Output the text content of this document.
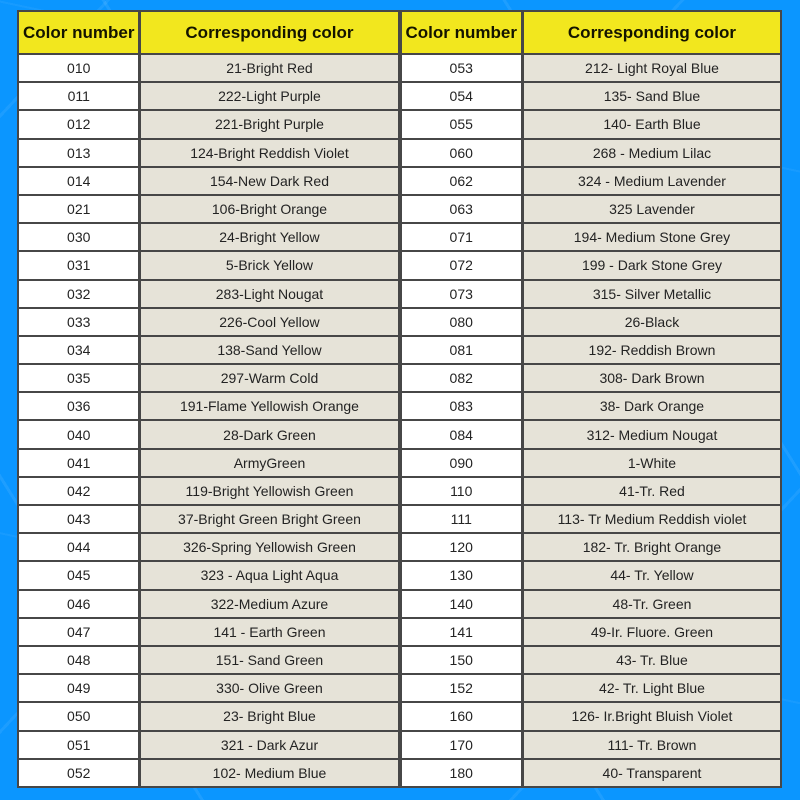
Color number	Corresponding color
010	21-Bright Red
011	222-Light Purple
012	221-Bright Purple
013	124-Bright Reddish Violet
014	154-New Dark Red
021	106-Bright Orange
030	24-Bright Yellow
031	5-Brick Yellow
032	283-Light Nougat
033	226-Cool Yellow
034	138-Sand Yellow
035	297-Warm Cold
036	191-Flame Yellowish Orange
040	28-Dark Green
041	ArmyGreen
042	119-Bright Yellowish Green
043	37-Bright Green Bright Green
044	326-Spring Yellowish Green
045	323 - Aqua Light Aqua
046	322-Medium Azure
047	141 - Earth Green
048	151- Sand Green
049	330- Olive Green
050	23- Bright Blue
051	321 - Dark Azur
052	102- Medium Blue
Color number	Corresponding color
053	212- Light Royal Blue
054	135- Sand Blue
055	140- Earth Blue
060	268 - Medium Lilac
062	324 - Medium Lavender
063	325 Lavender
071	194- Medium Stone Grey
072	199 - Dark Stone Grey
073	315- Silver Metallic
080	26-Black
081	192- Reddish Brown
082	308- Dark Brown
083	38- Dark Orange
084	312- Medium Nougat
090	1-White
110	41-Tr. Red
111	113- Tr Medium Reddish violet
120	182- Tr. Bright Orange
130	44- Tr. Yellow
140	48-Tr. Green
141	49-Ir. Fluore. Green
150	43- Tr. Blue
152	42- Tr. Light Blue
160	126- Ir.Bright Bluish Violet
170	111- Tr. Brown
180	40- Transparent
